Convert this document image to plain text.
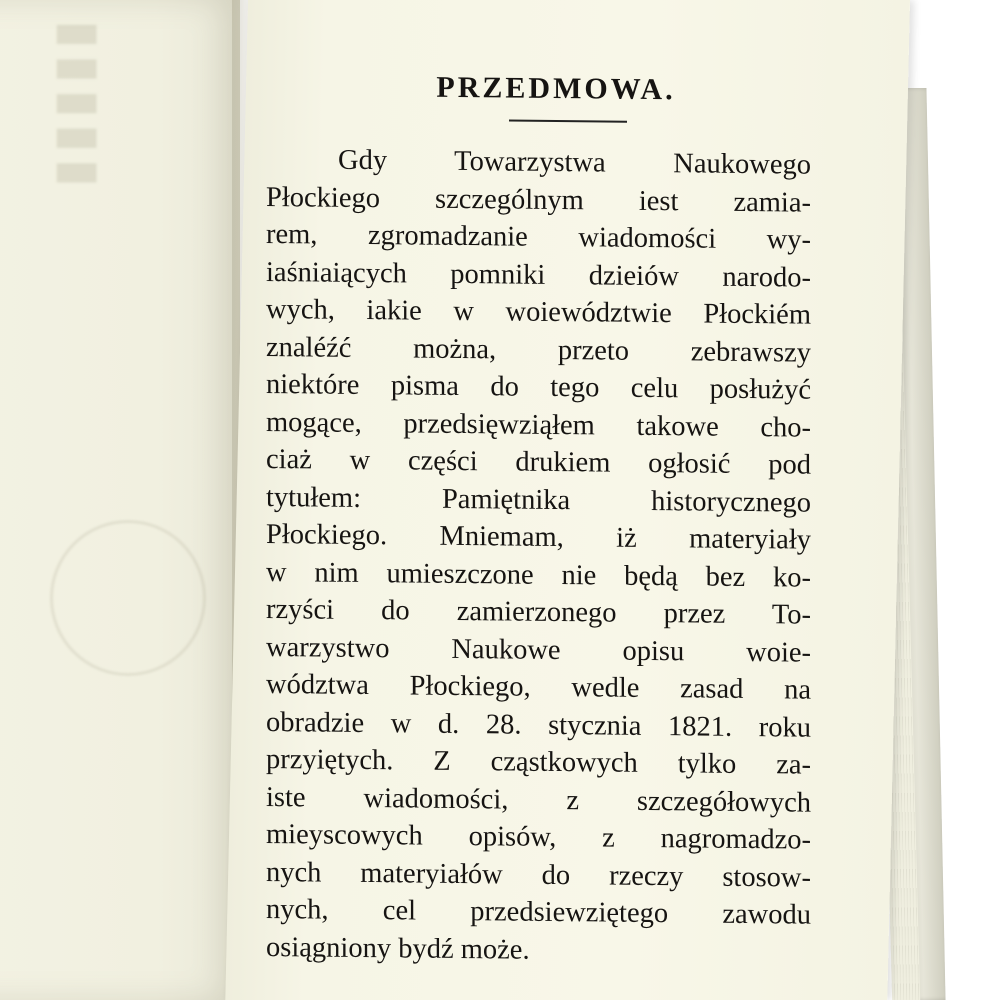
▮▮▮▮▮	PRZEDMOWA.
Gdy Towarzystwa Naukowego
Płockiego szczególnym iest zamia-
rem, zgromadzanie wiadomości wy-
iaśniaiących pomniki dzieiów narodo-
wych, iakie w woiewództwie Płockiém
znaléźć można, przeto zebrawszy
niektóre pisma do tego celu posłużyć
mogące, przedsięwziąłem takowe cho-
ciaż w części drukiem ogłosić pod
tytułem: Pamiętnika historycznego
Płockiego. Mniemam, iż materyiały
w nim umieszczone nie będą bez ko-
rzyści do zamierzonego przez To-
warzystwo Naukowe opisu woie-
wództwa Płockiego, wedle zasad na
obradzie w d. 28. stycznia 1821. roku
przyiętych. Z cząstkowych tylko za-
iste wiadomości, z szczegółowych
mieyscowych opisów, z nagromadzo-
nych materyiałów do rzeczy stosow-
nych, cel przedsiewziętego zawodu
osiągniony bydź może.
